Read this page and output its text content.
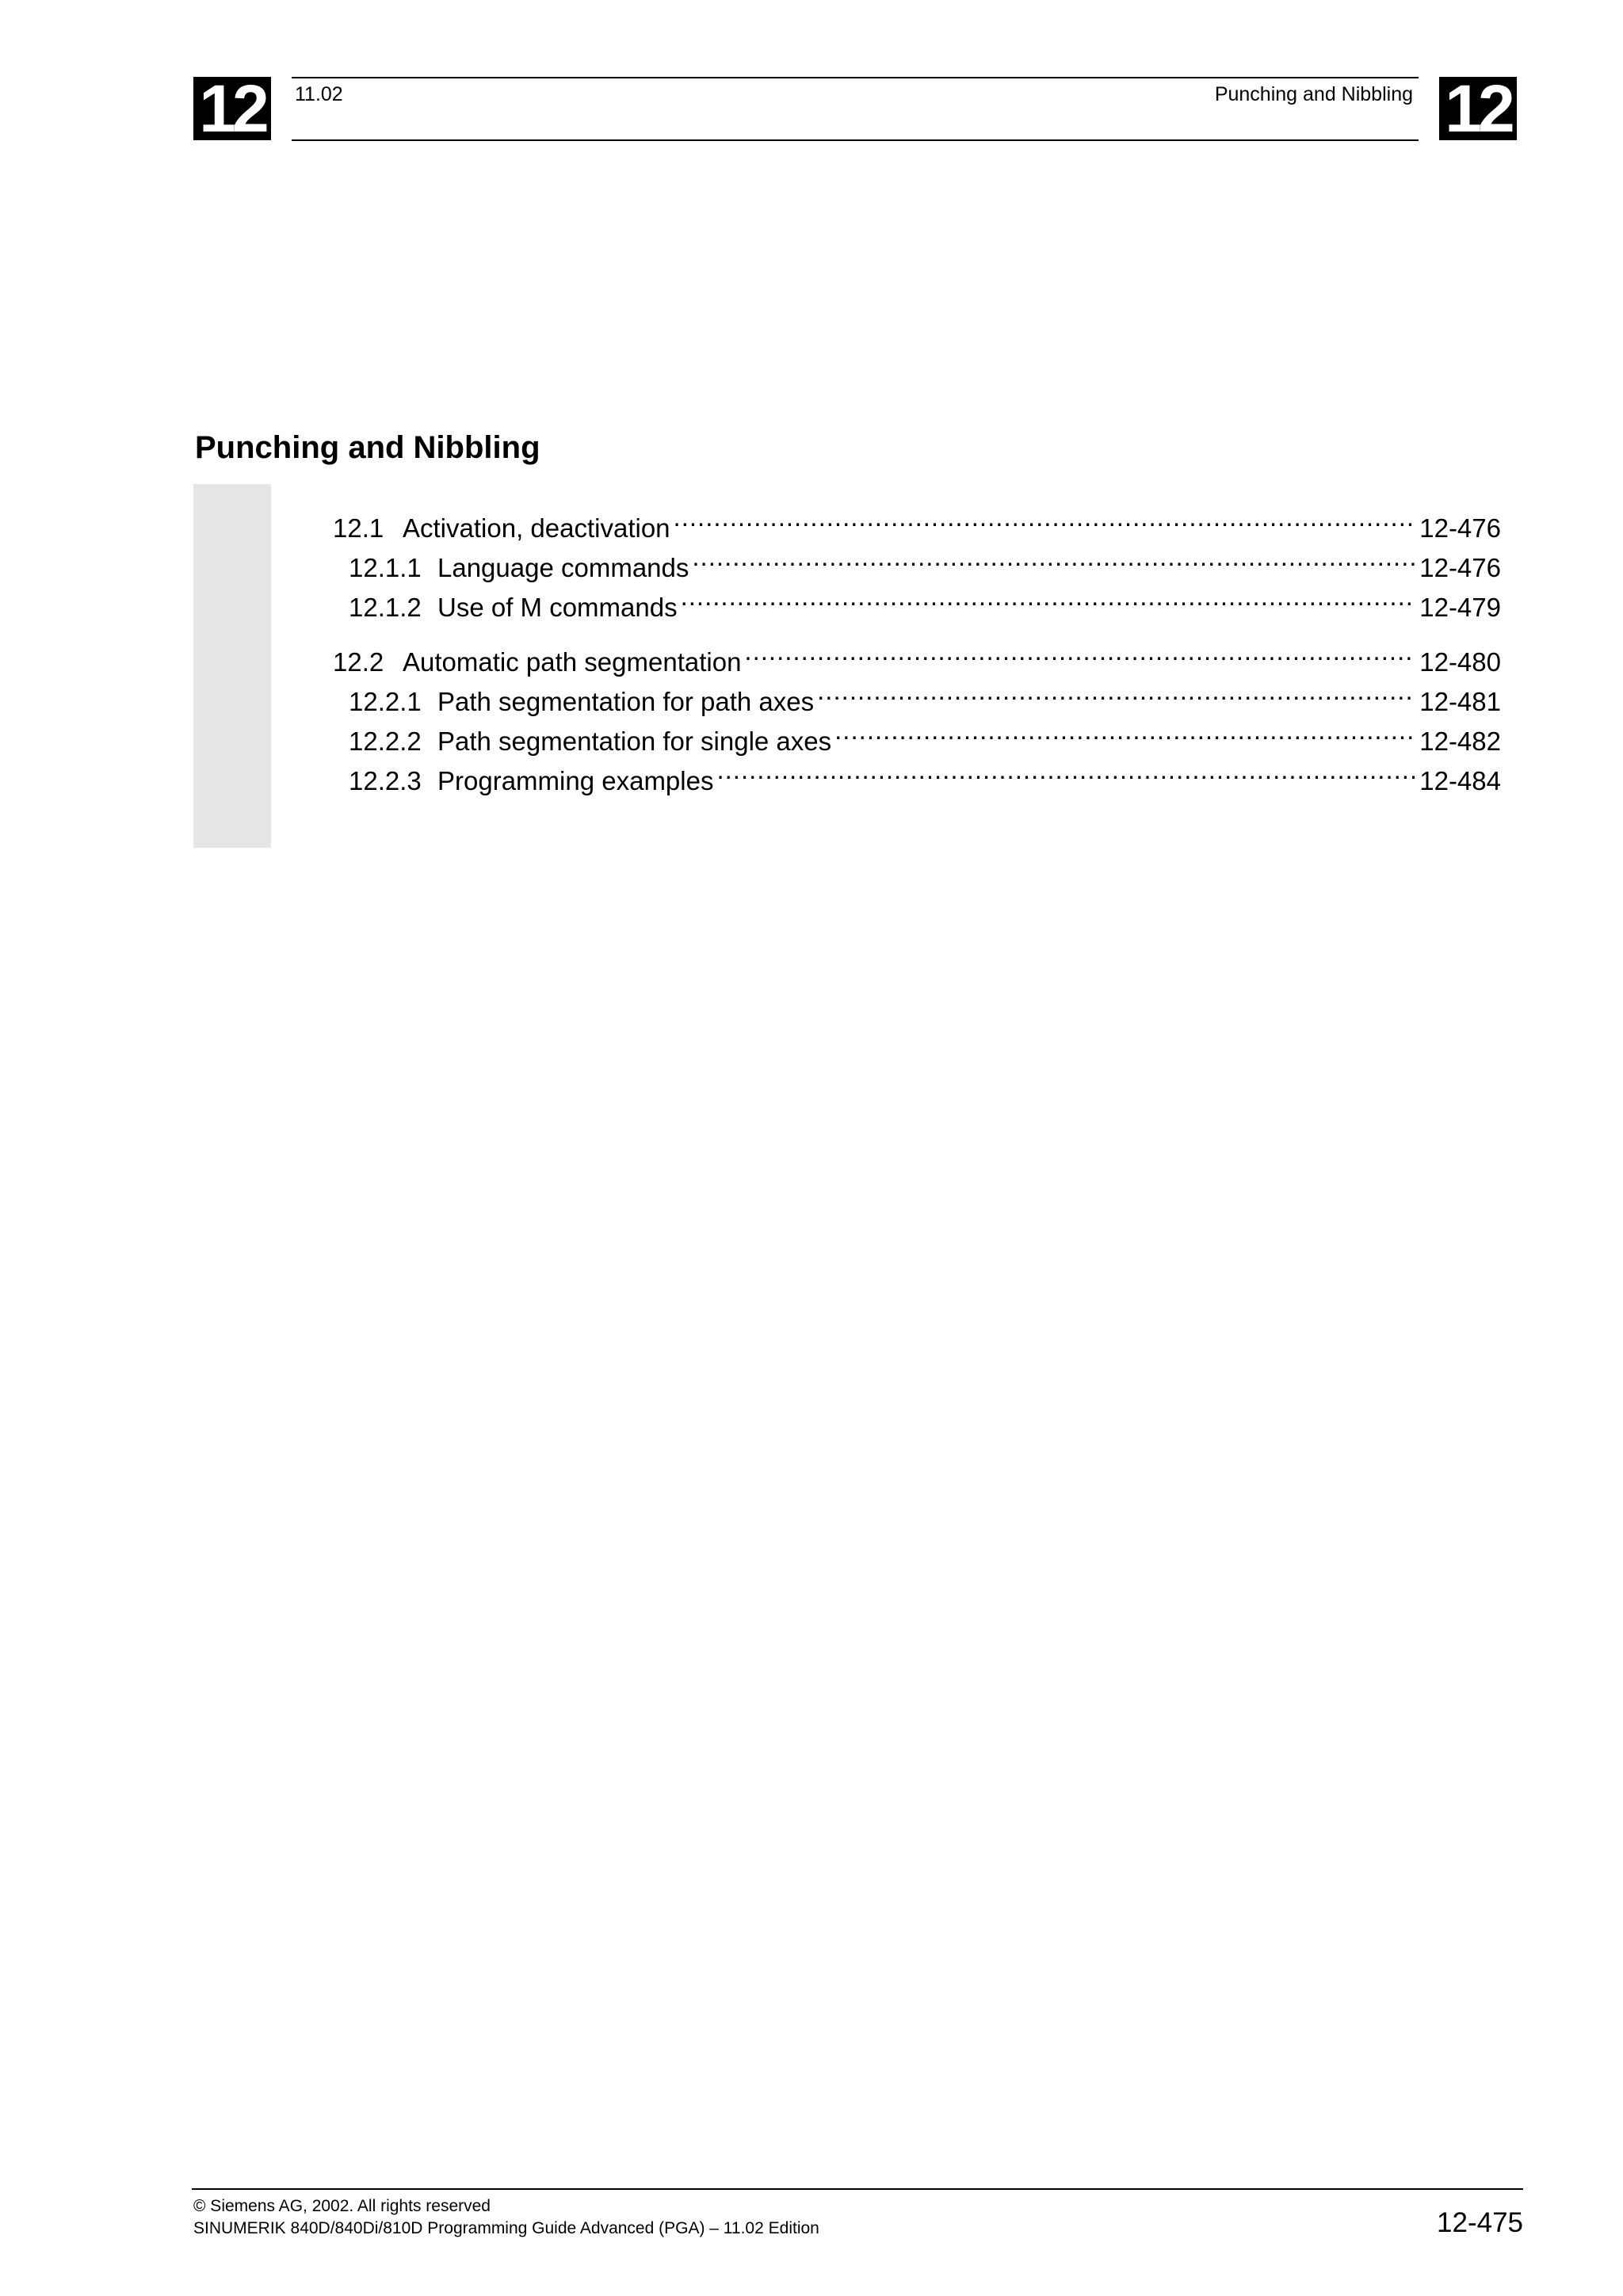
12 11.02	Punching and Nibbling 12
Punching and Nibbling
12.1 Activation, deactivation .....	12-476
12.1.1 Language commands .....	12-476
12.1.2 Use of M commands .....	12-479
12.2 Automatic path segmentation .....	12-480
12.2.1 Path segmentation for path axes .....	12-481
12.2.2 Path segmentation for single axes .....	12-482
12.2.3 Programming examples .....	12-484
© Siemens AG, 2002. All rights reserved
SINUMERIK 840D/840Di/810D Programming Guide Advanced (PGA) – 11.02 Edition	12-475
